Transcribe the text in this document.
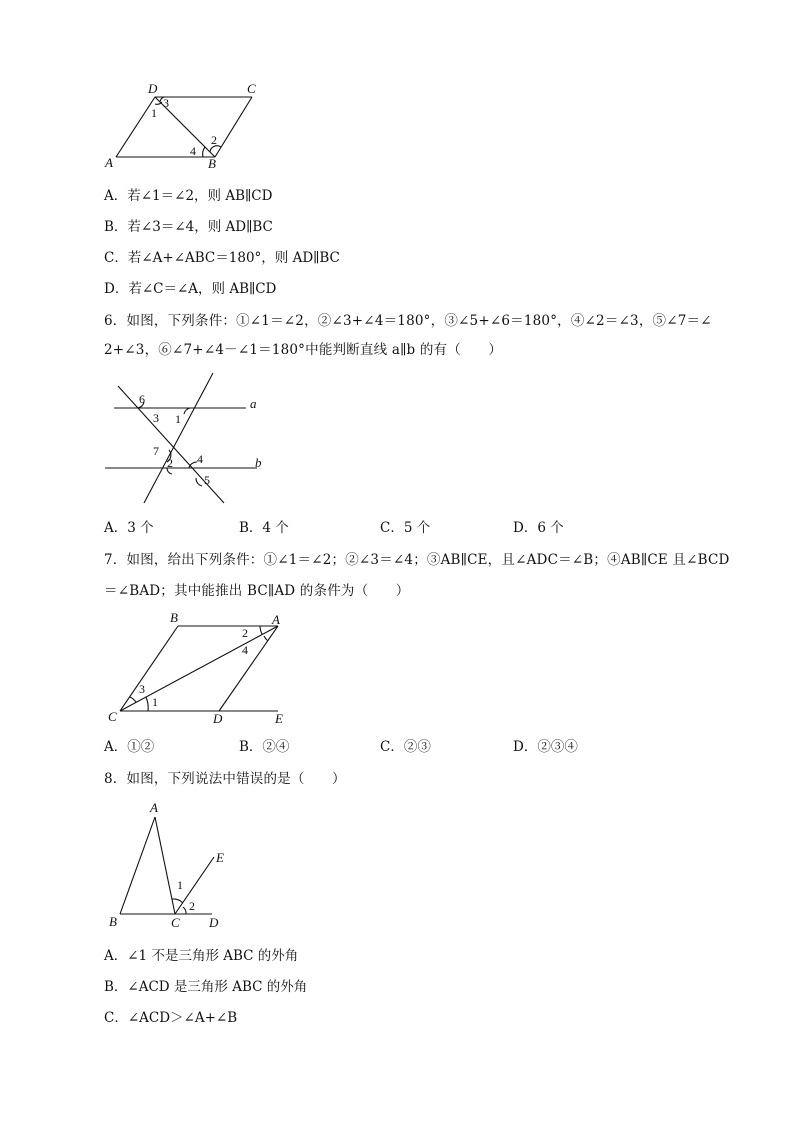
D	C
A	B
1
2
3
4
A．若∠1＝∠2，则 AB∥CD
B．若∠3＝∠4，则 AD∥BC
C．若∠A+∠ABC＝180°，则 AD∥BC
D．若∠C＝∠A，则 AB∥CD
6．如图，下列条件：①∠1＝∠2，②∠3+∠4＝180°，③∠5+∠6＝180°，④∠2＝∠3，⑤∠7＝∠
2+∠3，⑥∠7+∠4－∠1＝180°中能判断直线 a∥b 的有（　　）
a
b
6
3 1
7
2 4
5
A．3 个	B．4 个	C．5 个	D．6 个
7．如图，给出下列条件：①∠1＝∠2；②∠3＝∠4；③AB∥CE，且∠ADC＝∠B；④AB∥CE 且∠BCD
＝∠BAD；其中能推出 BC∥AD 的条件为（　　）
A
B
C	D	E
1
2
3
4
A．①②	B．②④	C．②③	D．②③④
8．如图，下列说法中错误的是（　　）
A
B	C D
E
1
2
A．∠1 不是三角形 ABC 的外角
B．∠ACD 是三角形 ABC 的外角
C．∠ACD＞∠A+∠B
